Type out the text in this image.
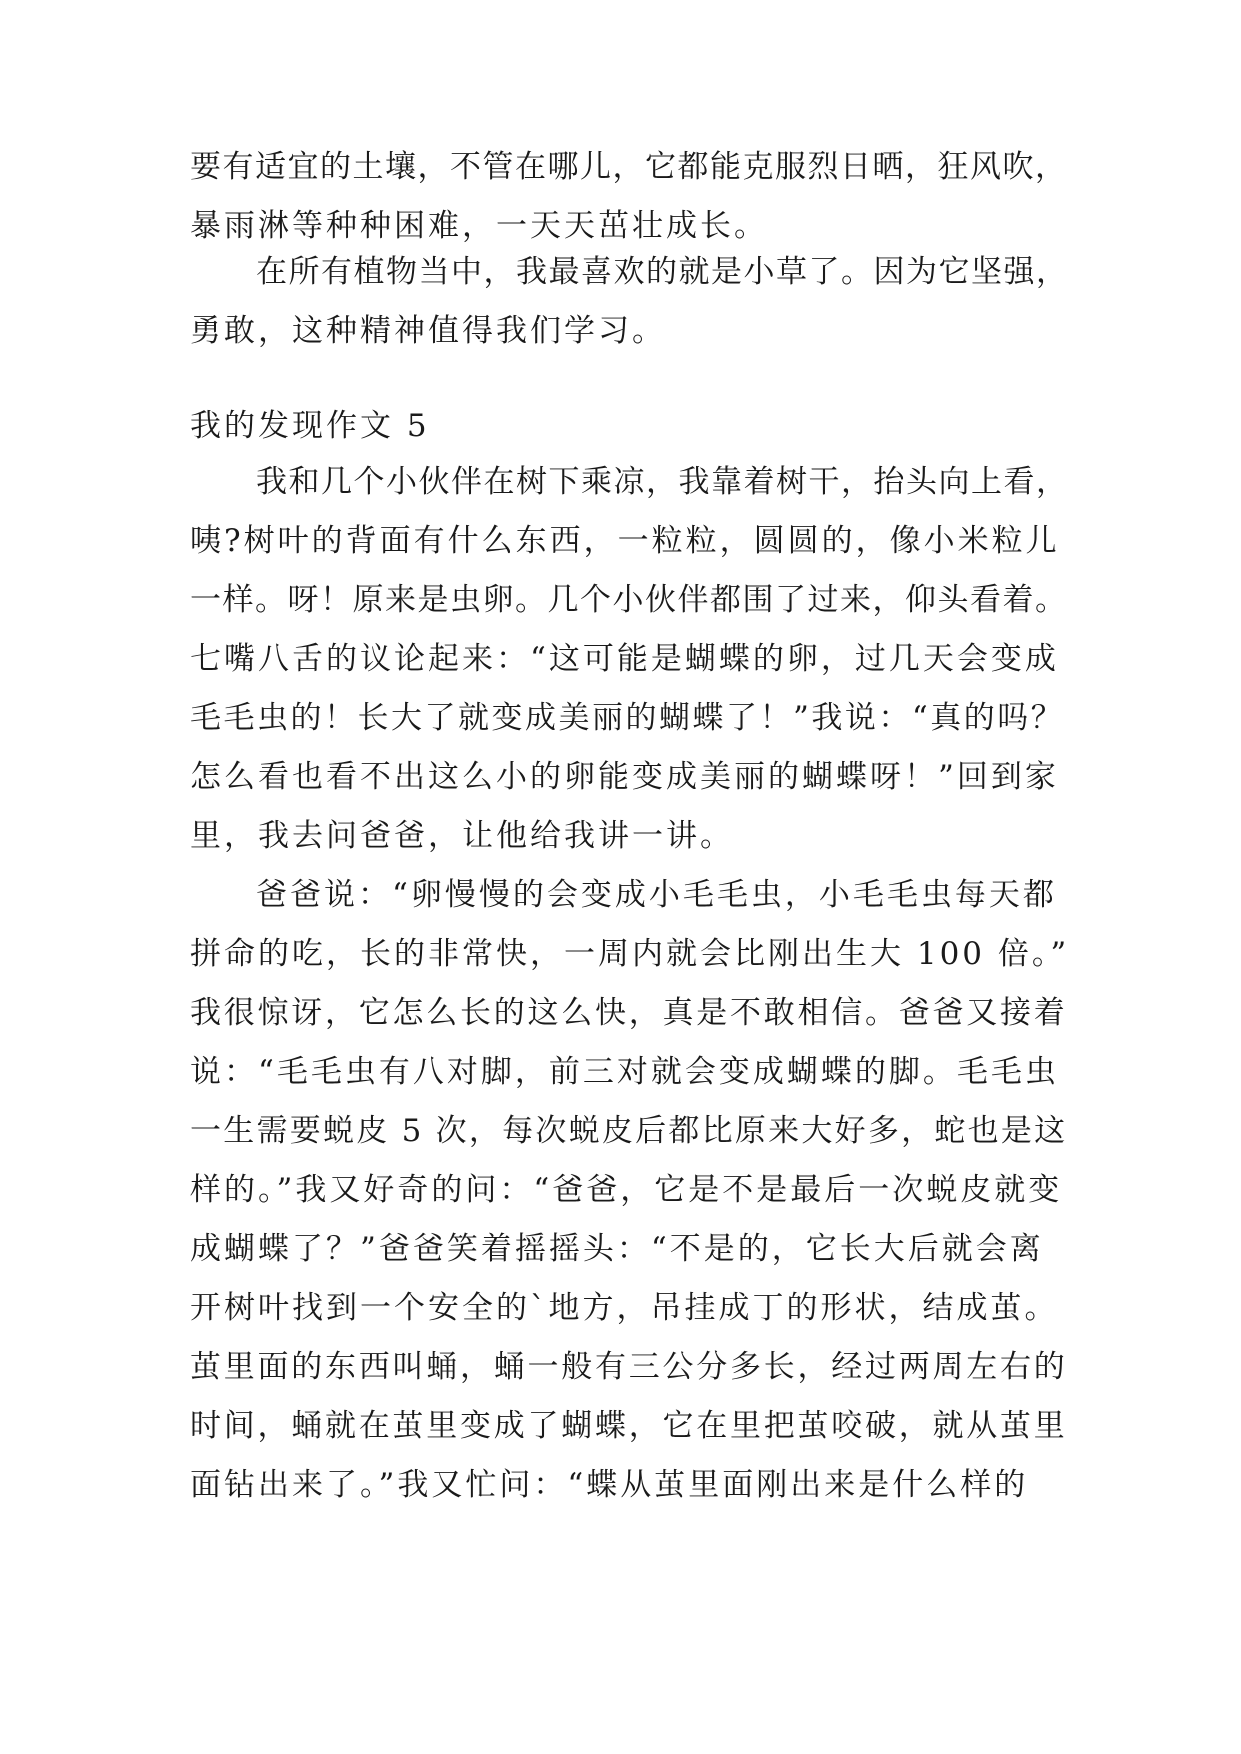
要有适宜的土壤，不管在哪儿，它都能克服烈日晒，狂风吹，
暴雨淋等种种困难，一天天茁壮成长。
在所有植物当中，我最喜欢的就是小草了。因为它坚强，
勇敢，这种精神值得我们学习。
我的发现作文 5
我和几个小伙伴在树下乘凉，我靠着树干，抬头向上看，
咦?树叶的背面有什么东西，一粒粒，圆圆的，像小米粒儿
一样。呀！原来是虫卵。几个小伙伴都围了过来，仰头看着。
七嘴八舌的议论起来：“这可能是蝴蝶的卵，过几天会变成
毛毛虫的！长大了就变成美丽的蝴蝶了！”我说：“真的吗？
怎么看也看不出这么小的卵能变成美丽的蝴蝶呀！”回到家
里，我去问爸爸，让他给我讲一讲。
爸爸说：“卵慢慢的会变成小毛毛虫，小毛毛虫每天都
拼命的吃，长的非常快，一周内就会比刚出生大 100 倍。”
我很惊讶，它怎么长的这么快，真是不敢相信。爸爸又接着
说：“毛毛虫有八对脚，前三对就会变成蝴蝶的脚。毛毛虫
一生需要蜕皮 5 次，每次蜕皮后都比原来大好多，蛇也是这
样的。”我又好奇的问：“爸爸，它是不是最后一次蜕皮就变
成蝴蝶了？”爸爸笑着摇摇头：“不是的，它长大后就会离
开树叶找到一个安全的`地方，吊挂成丁的形状，结成茧。
茧里面的东西叫蛹，蛹一般有三公分多长，经过两周左右的
时间，蛹就在茧里变成了蝴蝶，它在里把茧咬破，就从茧里
面钻出来了。”我又忙问：“蝶从茧里面刚出来是什么样的
